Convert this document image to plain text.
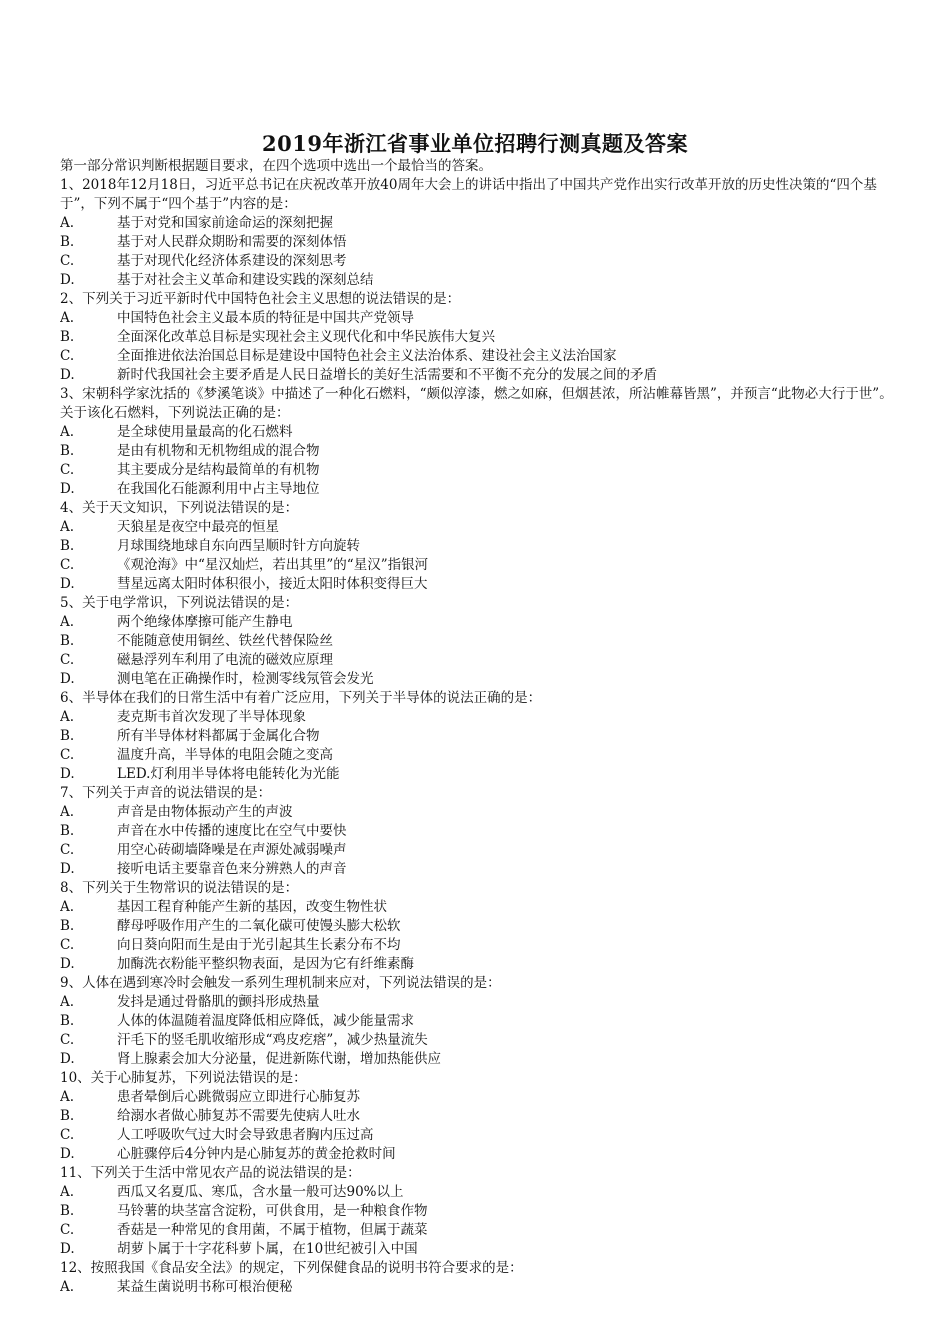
2019年浙江省事业单位招聘行测真题及答案
第一部分常识判断根据题目要求，在四个选项中选出一个最恰当的答案。
1、2018年12月18日，习近平总书记在庆祝改革开放40周年大会上的讲话中指出了中国共产党作出实行改革开放的历史性决策的“四个基于”，下列不属于“四个基于”内容的是：
A.	基于对党和国家前途命运的深刻把握
B.	基于对人民群众期盼和需要的深刻体悟
C.	基于对现代化经济体系建设的深刻思考
D.	基于对社会主义革命和建设实践的深刻总结
2、下列关于习近平新时代中国特色社会主义思想的说法错误的是：
A.	中国特色社会主义最本质的特征是中国共产党领导
B.	全面深化改革总目标是实现社会主义现代化和中华民族伟大复兴
C.	全面推进依法治国总目标是建设中国特色社会主义法治体系、建设社会主义法治国家
D.	新时代我国社会主要矛盾是人民日益增长的美好生活需要和不平衡不充分的发展之间的矛盾
3、宋朝科学家沈括的《梦溪笔谈》中描述了一种化石燃料，“颇似淳漆，燃之如麻，但烟甚浓，所沾帷幕皆黑”，并预言“此物必大行于世”。关于该化石燃料，下列说法正确的是：
A.	是全球使用量最高的化石燃料
B.	是由有机物和无机物组成的混合物
C.	其主要成分是结构最简单的有机物
D.	在我国化石能源利用中占主导地位
4、关于天文知识，下列说法错误的是：
A.	天狼星是夜空中最亮的恒星
B.	月球围绕地球自东向西呈顺时针方向旋转
C.	《观沧海》中“星汉灿烂，若出其里”的“星汉”指银河
D.	彗星远离太阳时体积很小，接近太阳时体积变得巨大
5、关于电学常识，下列说法错误的是：
A.	两个绝缘体摩擦可能产生静电
B.	不能随意使用铜丝、铁丝代替保险丝
C.	磁悬浮列车利用了电流的磁效应原理
D.	测电笔在正确操作时，检测零线氖管会发光
6、半导体在我们的日常生活中有着广泛应用，下列关于半导体的说法正确的是：
A.	麦克斯韦首次发现了半导体现象
B.	所有半导体材料都属于金属化合物
C.	温度升高，半导体的电阻会随之变高
D.	LED.灯利用半导体将电能转化为光能
7、下列关于声音的说法错误的是：
A.	声音是由物体振动产生的声波
B.	声音在水中传播的速度比在空气中要快
C.	用空心砖砌墙降噪是在声源处减弱噪声
D.	接听电话主要靠音色来分辨熟人的声音
8、下列关于生物常识的说法错误的是：
A.	基因工程育种能产生新的基因，改变生物性状
B.	酵母呼吸作用产生的二氧化碳可使馒头膨大松软
C.	向日葵向阳而生是由于光引起其生长素分布不均
D.	加酶洗衣粉能平整织物表面，是因为它有纤维素酶
9、人体在遇到寒冷时会触发一系列生理机制来应对，下列说法错误的是：
A.	发抖是通过骨骼肌的颤抖形成热量
B.	人体的体温随着温度降低相应降低，减少能量需求
C.	汗毛下的竖毛肌收缩形成“鸡皮疙瘩”，减少热量流失
D.	肾上腺素会加大分泌量，促进新陈代谢，增加热能供应
10、关于心肺复苏，下列说法错误的是：
A.	患者晕倒后心跳微弱应立即进行心肺复苏
B.	给溺水者做心肺复苏不需要先使病人吐水
C.	人工呼吸吹气过大时会导致患者胸内压过高
D.	心脏骤停后4分钟内是心肺复苏的黄金抢救时间
11、下列关于生活中常见农产品的说法错误的是：
A.	西瓜又名夏瓜、寒瓜，含水量一般可达90%以上
B.	马铃薯的块茎富含淀粉，可供食用，是一种粮食作物
C.	香菇是一种常见的食用菌，不属于植物，但属于蔬菜
D.	胡萝卜属于十字花科萝卜属，在10世纪被引入中国
12、按照我国《食品安全法》的规定，下列保健食品的说明书符合要求的是：
A.	某益生菌说明书称可根治便秘
